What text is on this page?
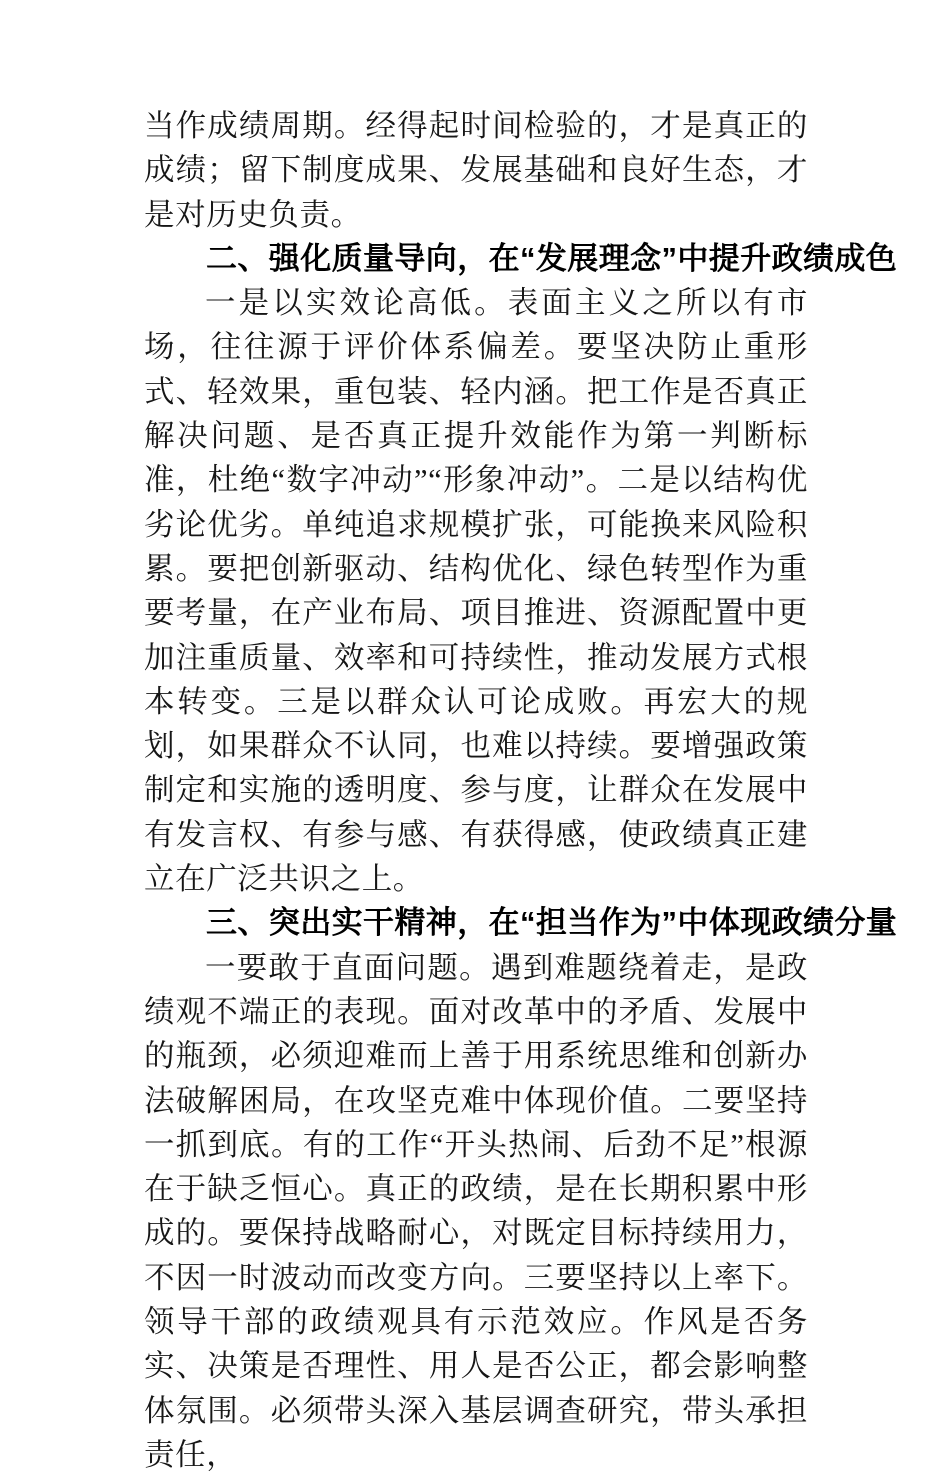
当作成绩周期。经得起时间检验的，才是真正的成绩；留下制度成果、发展基础和良好生态，才是对历史负责。

二、强化质量导向，在“发展理念”中提升政绩成色

一是以实效论高低。表面主义之所以有市场，往往源于评价体系偏差。要坚决防止重形式、轻效果，重包装、轻内涵。把工作是否真正解决问题、是否真正提升效能作为第一判断标准，杜绝“数字冲动”“形象冲动”。二是以结构优劣论优劣。单纯追求规模扩张，可能换来风险积累。要把创新驱动、结构优化、绿色转型作为重要考量，在产业布局、项目推进、资源配置中更加注重质量、效率和可持续性，推动发展方式根本转变。三是以群众认可论成败。再宏大的规划，如果群众不认同，也难以持续。要增强政策制定和实施的透明度、参与度，让群众在发展中有发言权、有参与感、有获得感，使政绩真正建立在广泛共识之上。

三、突出实干精神，在“担当作为”中体现政绩分量

一要敢于直面问题。遇到难题绕着走，是政绩观不端正的表现。面对改革中的矛盾、发展中的瓶颈，必须迎难而上善于用系统思维和创新办法破解困局，在攻坚克难中体现价值。二要坚持一抓到底。有的工作“开头热闹、后劲不足”根源在于缺乏恒心。真正的政绩，是在长期积累中形成的。要保持战略耐心，对既定目标持续用力，不因一时波动而改变方向。三要坚持以上率下。领导干部的政绩观具有示范效应。作风是否务实、决策是否理性、用人是否公正，都会影响整体氛围。必须带头深入基层调查研究，带头承担责任，
